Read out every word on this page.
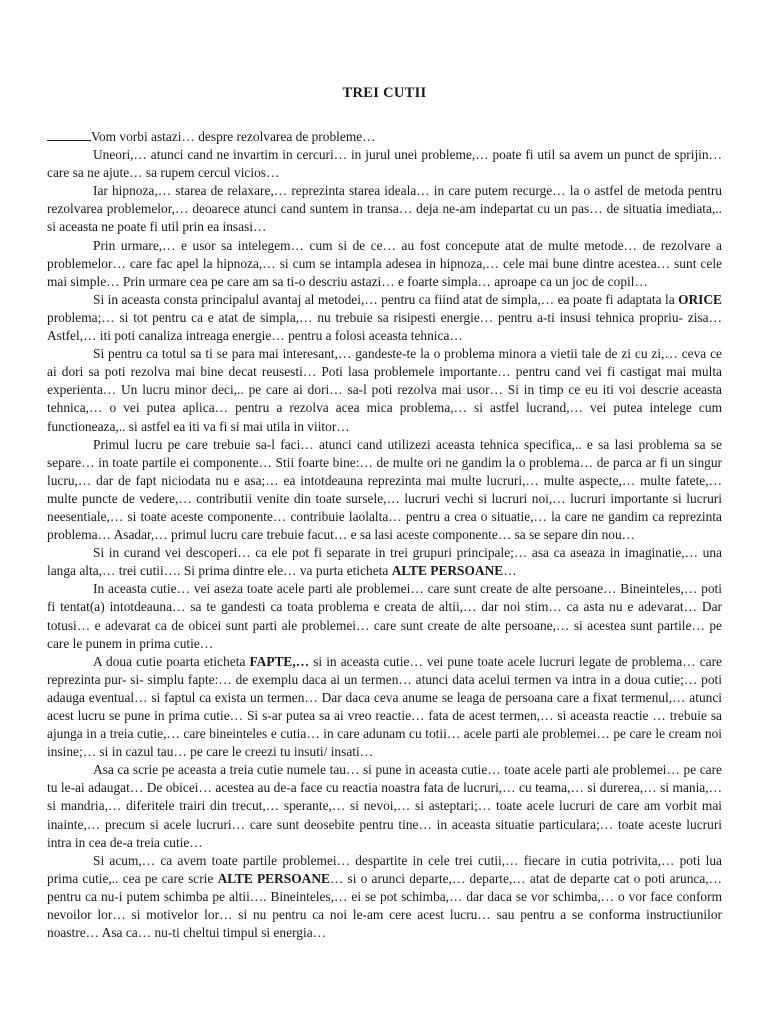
TREI CUTII

Vom vorbi astazi… despre rezolvarea de probleme…

Uneori,… atunci cand ne invartim in cercuri… in jurul unei probleme,… poate fi util sa avem un punct de sprijin… care sa ne ajute… sa rupem cercul vicios…

Iar hipnoza,… starea de relaxare,… reprezinta starea ideala… in care putem recurge… la o astfel de metoda pentru rezolvarea problemelor,… deoarece atunci cand suntem in transa… deja ne-am indepartat cu un pas… de situatia imediata,.. si aceasta ne poate fi util prin ea insasi…

Prin urmare,… e usor sa intelegem… cum si de ce… au fost concepute atat de multe metode… de rezolvare a problemelor… care fac apel la hipnoza,… si cum se intampla adesea in hipnoza,… cele mai bune dintre acestea… sunt cele mai simple… Prin urmare cea pe care am sa ti-o descriu astazi… e foarte simpla… aproape ca un joc de copil…

Si in aceasta consta principalul avantaj al metodei,… pentru ca fiind atat de simpla,… ea poate fi adaptata la ORICE problema;… si tot pentru ca e atat de simpla,… nu trebuie sa risipesti energie… pentru a-ti insusi tehnica propriu- zisa… Astfel,… iti poti canaliza intreaga energie… pentru a folosi aceasta tehnica…

Si pentru ca totul sa ti se para mai interesant,… gandeste-te la o problema minora a vietii tale de zi cu zi,… ceva ce ai dori sa poti rezolva mai bine decat reusesti… Poti lasa problemele importante… pentru cand vei fi castigat mai multa experienta… Un lucru minor deci,.. pe care ai dori… sa-l poti rezolva mai usor… Si in timp ce eu iti voi descrie aceasta tehnica,… o vei putea aplica… pentru a rezolva acea mica problema,… si astfel lucrand,… vei putea intelege cum functioneaza,.. si astfel ea iti va fi si mai utila in viitor…

Primul lucru pe care trebuie sa-l faci… atunci cand utilizezi aceasta tehnica specifica,.. e sa lasi problema sa se separe… in toate partile ei componente… Stii foarte bine:… de multe ori ne gandim la o problema… de parca ar fi un singur lucru,… dar de fapt niciodata nu e asa;… ea intotdeauna reprezinta mai multe lucruri,… multe aspecte,… multe fatete,… multe puncte de vedere,… contributii venite din toate sursele,… lucruri vechi si lucruri noi,… lucruri importante si lucruri neesentiale,… si toate aceste componente… contribuie laolalta… pentru a crea o situatie,… la care ne gandim ca reprezinta problema… Asadar,… primul lucru care trebuie facut… e sa lasi aceste componente… sa se separe din nou…

Si in curand vei descoperi… ca ele pot fi separate in trei grupuri principale;… asa ca aseaza in imaginatie,… una langa alta,… trei cutii…. Si prima dintre ele… va purta eticheta ALTE PERSOANE…

In aceasta cutie… vei aseza toate acele parti ale problemei… care sunt create de alte persoane… Bineinteles,… poti fi tentat(a) intotdeauna… sa te gandesti ca toata problema e creata de altii,… dar noi stim… ca asta nu e adevarat… Dar totusi… e adevarat ca de obicei sunt parti ale problemei… care sunt create de alte persoane,… si acestea sunt partile… pe care le punem in prima cutie…

A doua cutie poarta eticheta FAPTE,… si in aceasta cutie… vei pune toate acele lucruri legate de problema… care reprezinta pur- si- simplu fapte:… de exemplu daca ai un termen… atunci data acelui termen va intra in a doua cutie;… poti adauga eventual… si faptul ca exista un termen… Dar daca ceva anume se leaga de persoana care a fixat termenul,… atunci acest lucru se pune in prima cutie… Si s-ar putea sa ai vreo reactie… fata de acest termen,… si aceasta reactie … trebuie sa ajunga in a treia cutie,… care bineinteles e cutia… in care adunam cu totii… acele parti ale problemei… pe care le cream noi insine;… si in cazul tau… pe care le creezi tu insuti/ insati…

Asa ca scrie pe aceasta a treia cutie numele tau… si pune in aceasta cutie… toate acele parti ale problemei… pe care tu le-ai adaugat… De obicei… acestea au de-a face cu reactia noastra fata de lucruri,… cu teama,… si durerea,… si mania,… si mandria,… diferitele trairi din trecut,… sperante,… si nevoi,… si asteptari;… toate acele lucruri de care am vorbit mai inainte,… precum si acele lucruri… care sunt deosebite pentru tine… in aceasta situatie particulara;… toate aceste lucruri intra in cea de-a treia cutie…

Si acum,… ca avem toate partile problemei… despartite in cele trei cutii,… fiecare in cutia potrivita,… poti lua prima cutie,.. cea pe care scrie ALTE PERSOANE… si o arunci departe,… departe,… atat de departe cat o poti arunca,… pentru ca nu-i putem schimba pe altii…. Bineinteles,… ei se pot schimba,… dar daca se vor schimba,… o vor face conform nevoilor lor… si motivelor lor… si nu pentru ca noi le-am cere acest lucru… sau pentru a se conforma instructiunilor noastre… Asa ca… nu-ti cheltui timpul si energia…
